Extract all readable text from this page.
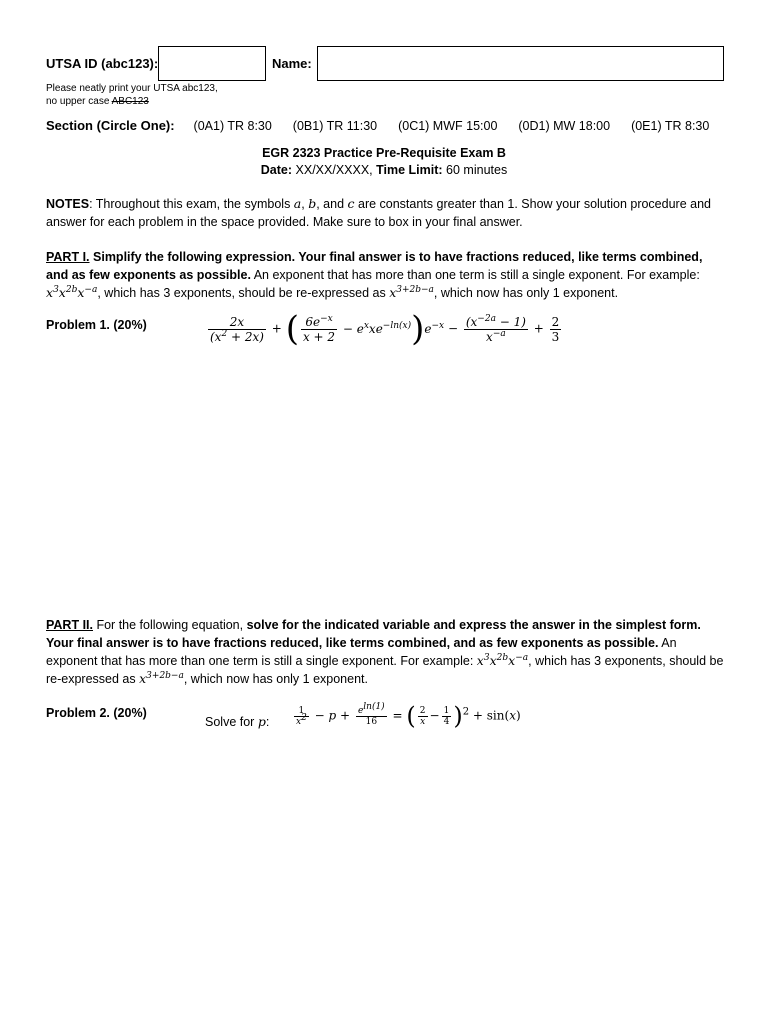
UTSA ID (abc123):	Name:
Please neatly print your UTSA abc123,
no upper case ABC123
Section (Circle One): (0A1) TR 8:30 (0B1) TR 11:30 (0C1) MWF 15:00 (0D1) MW 18:00 (0E1) TR 8:30
EGR 2323 Practice Pre-Requisite Exam B
Date: XX/XX/XXXX, Time Limit: 60 minutes
NOTES: Throughout this exam, the symbols a, b, and c are constants greater than 1. Show your solution procedure and answer for each problem in the space provided. Make sure to box in your final answer.
PART I. Simplify the following expression. Your final answer is to have fractions reduced, like terms combined, and as few exponents as possible. An exponent that has more than one term is still a single exponent. For example: $x^3x^{2b}x^{-a}$, which has 3 exponents, should be re-expressed as $x^{3+2b-a}$, which now has only 1 exponent.
Problem 1. (20%)	$\frac{2x}{(x^2 + 2x)}$ + ( $\frac{6e^{-x}}{x + 2} - e^xxe^{-ln(x)})e^{-x} - \frac{(x^{-2a} - 1)}{x^{-a}} + \frac{2}{3}$
PART II. For the following equation, solve for the indicated variable and express the answer in the simplest form. Your final answer is to have fractions reduced, like terms combined, and as few exponents as possible. An exponent that has more than one term is still a single exponent. For example: $x^3x^{2b}x^{-a}$, which has 3 exponents, should be re-expressed as $x^{3+2b-a}$, which now has only 1 exponent.
Problem 2. (20%)
Solve for p:	$\frac{1}{x2} - p + \frac{eln(1)}{16}$ = ( $\frac{2}{x} - \frac{1}{4} )^2 + \sin(x)$
